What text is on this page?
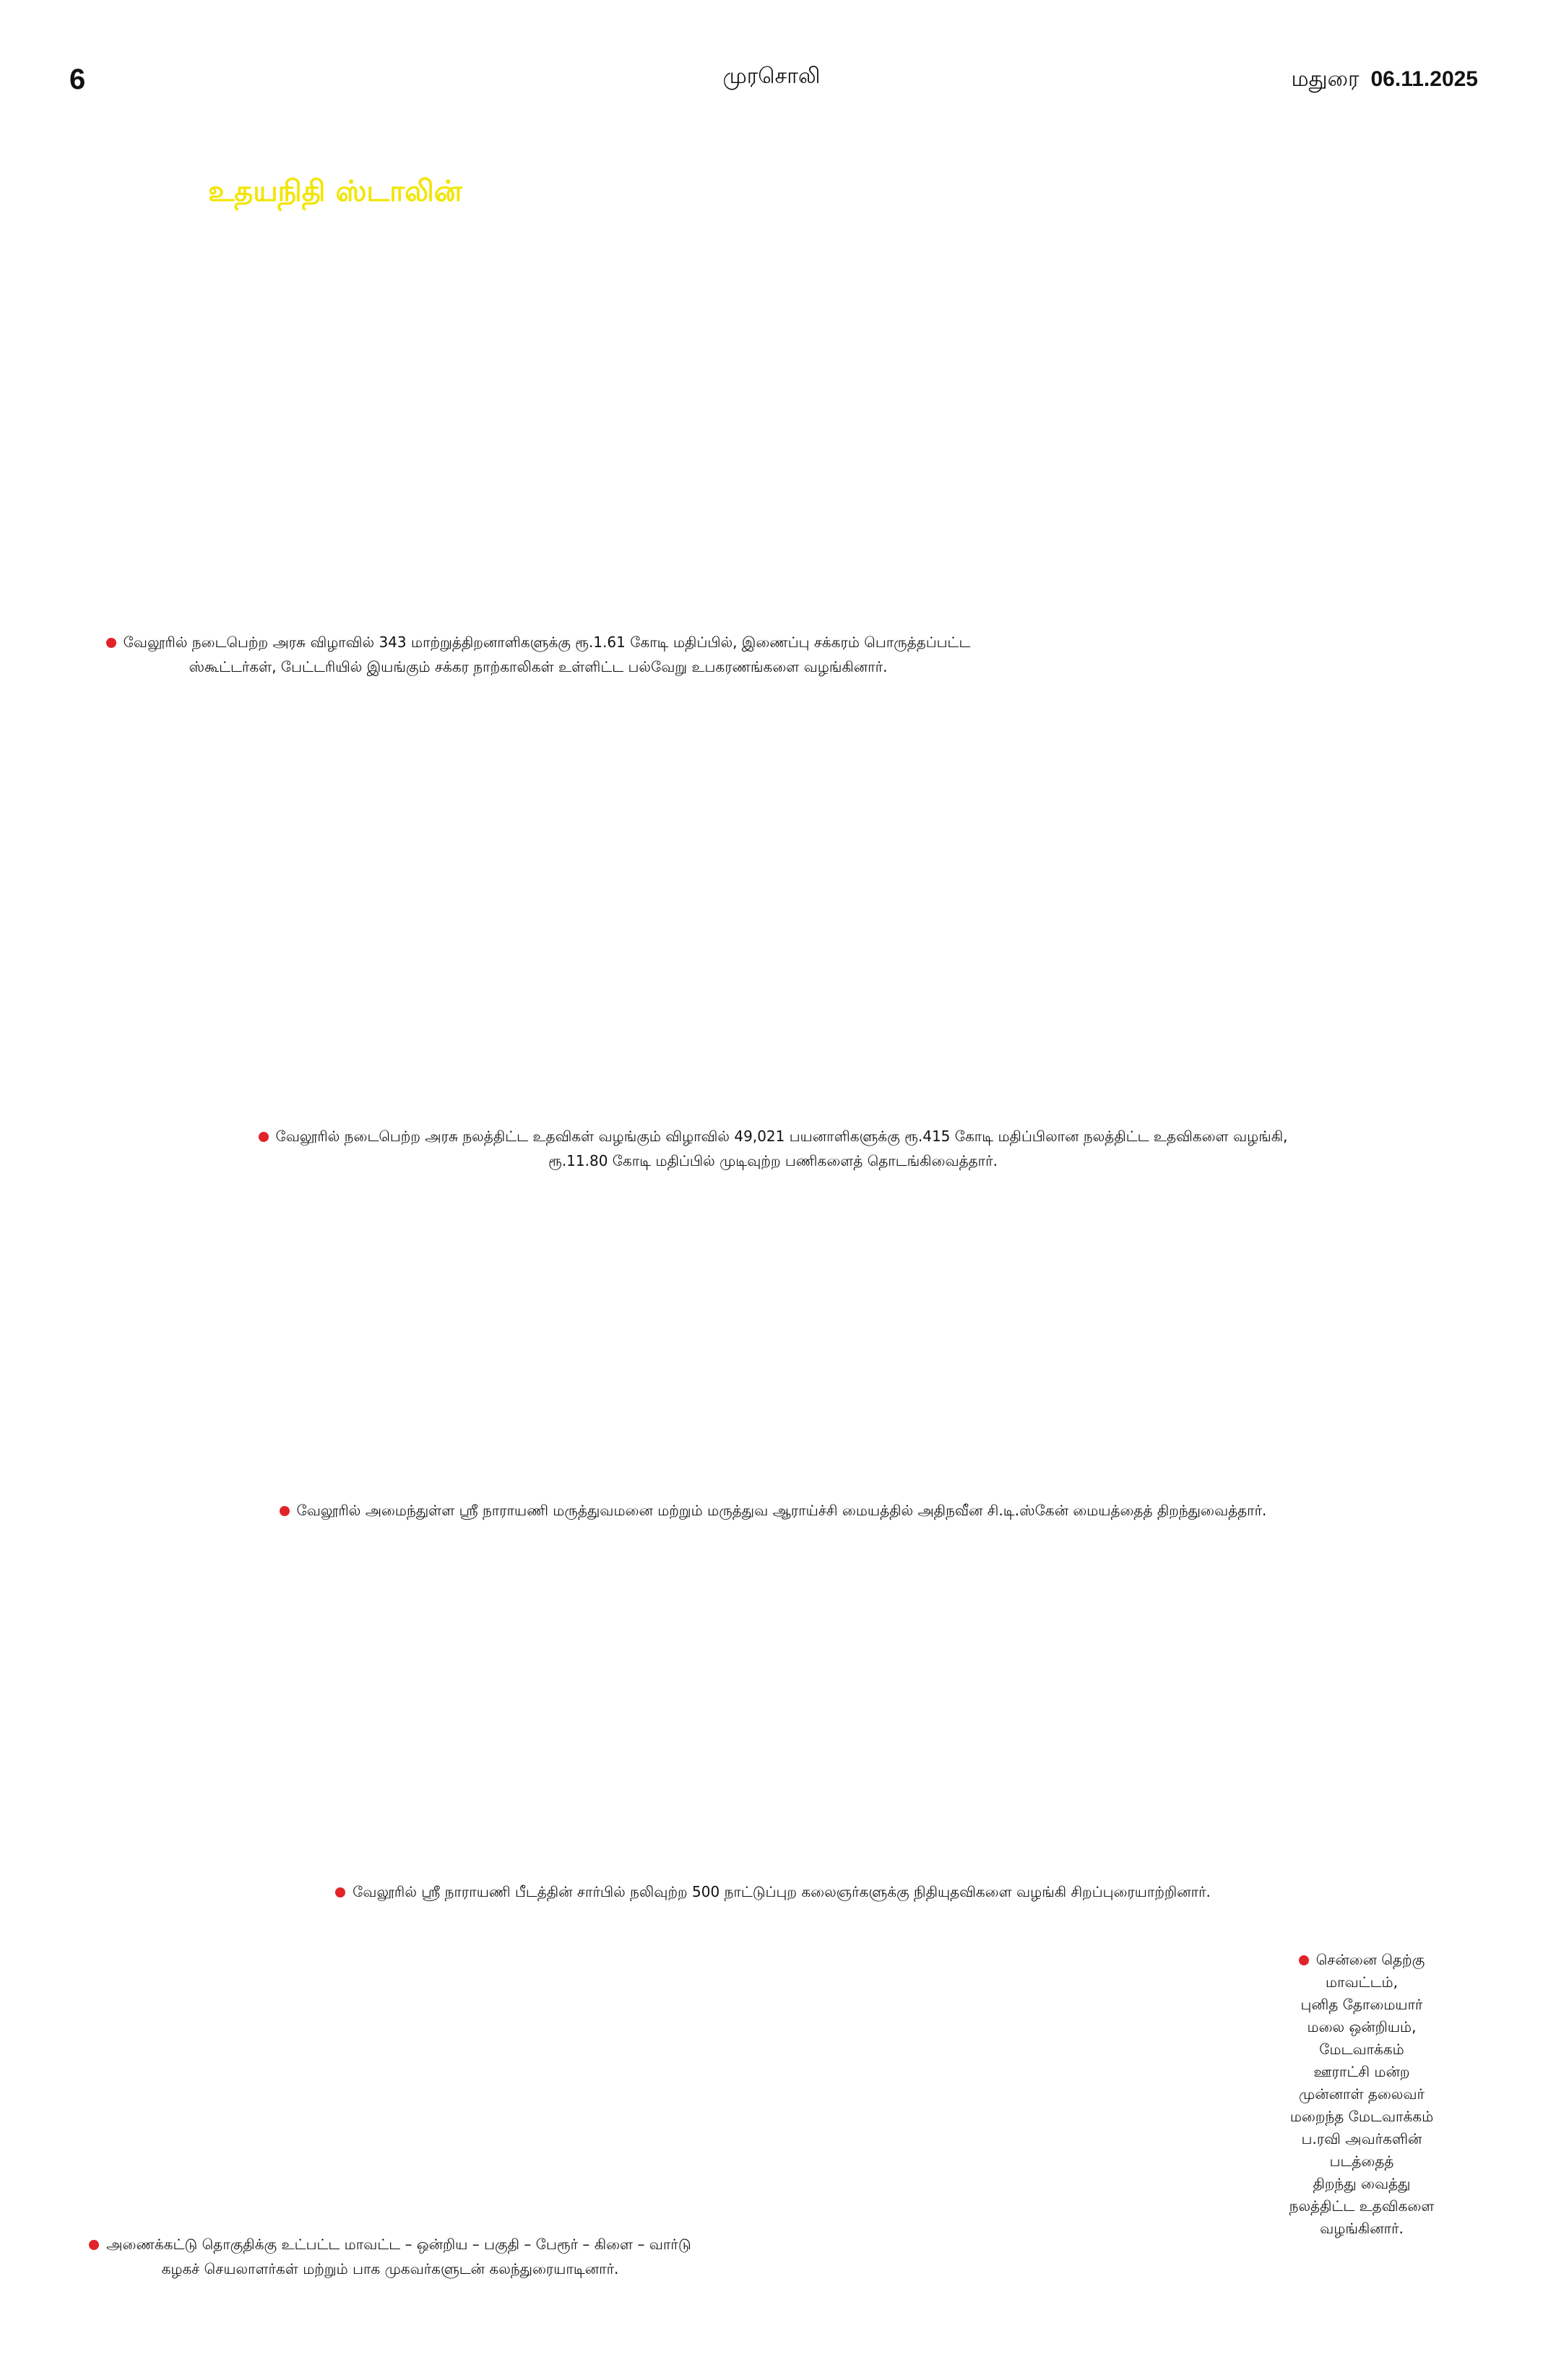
6	முரசொலி	மதுரை 06.11.2025
உதயநிதி ஸ்டாலின்
வேலூரில் நடைபெற்ற அரசு விழாவில் 343 மாற்றுத்திறனாளிகளுக்கு ரூ.1.61 கோடி மதிப்பில், இணைப்பு சக்கரம் பொருத்தப்பட்ட
ஸ்கூட்டர்கள், பேட்டரியில் இயங்கும் சக்கர நாற்காலிகள் உள்ளிட்ட பல்வேறு உபகரணங்களை வழங்கினார்.
வேலூரில் நடைபெற்ற அரசு நலத்திட்ட உதவிகள் வழங்கும் விழாவில் 49,021 பயனாளிகளுக்கு ரூ.415 கோடி மதிப்பிலான நலத்திட்ட உதவிகளை வழங்கி,
ரூ.11.80 கோடி மதிப்பில் முடிவுற்ற பணிகளைத் தொடங்கிவைத்தார்.
வேலூரில் அமைந்துள்ள ஸ்ரீ நாராயணி மருத்துவமனை மற்றும் மருத்துவ ஆராய்ச்சி மையத்தில் அதிநவீன சி.டி.ஸ்கேன் மையத்தைத் திறந்துவைத்தார்.
வேலூரில் ஸ்ரீ நாராயணி பீடத்தின் சார்பில் நலிவுற்ற 500 நாட்டுப்புற கலைஞர்களுக்கு நிதியுதவிகளை வழங்கி சிறப்புரையாற்றினார்.
சென்னை தெற்கு
மாவட்டம்,
புனித தோமையார்
மலை ஒன்றியம்,
மேடவாக்கம்
ஊராட்சி மன்ற
முன்னாள் தலைவர்
மறைந்த மேடவாக்கம்
ப.ரவி அவர்களின்
படத்தைத்
திறந்து வைத்து
நலத்திட்ட உதவிகளை
வழங்கினார்.
அணைக்கட்டு தொகுதிக்கு உட்பட்ட மாவட்ட – ஒன்றிய – பகுதி – பேரூர் – கிளை – வார்டு
கழகச் செயலாளர்கள் மற்றும் பாக முகவர்களுடன் கலந்துரையாடினார்.
